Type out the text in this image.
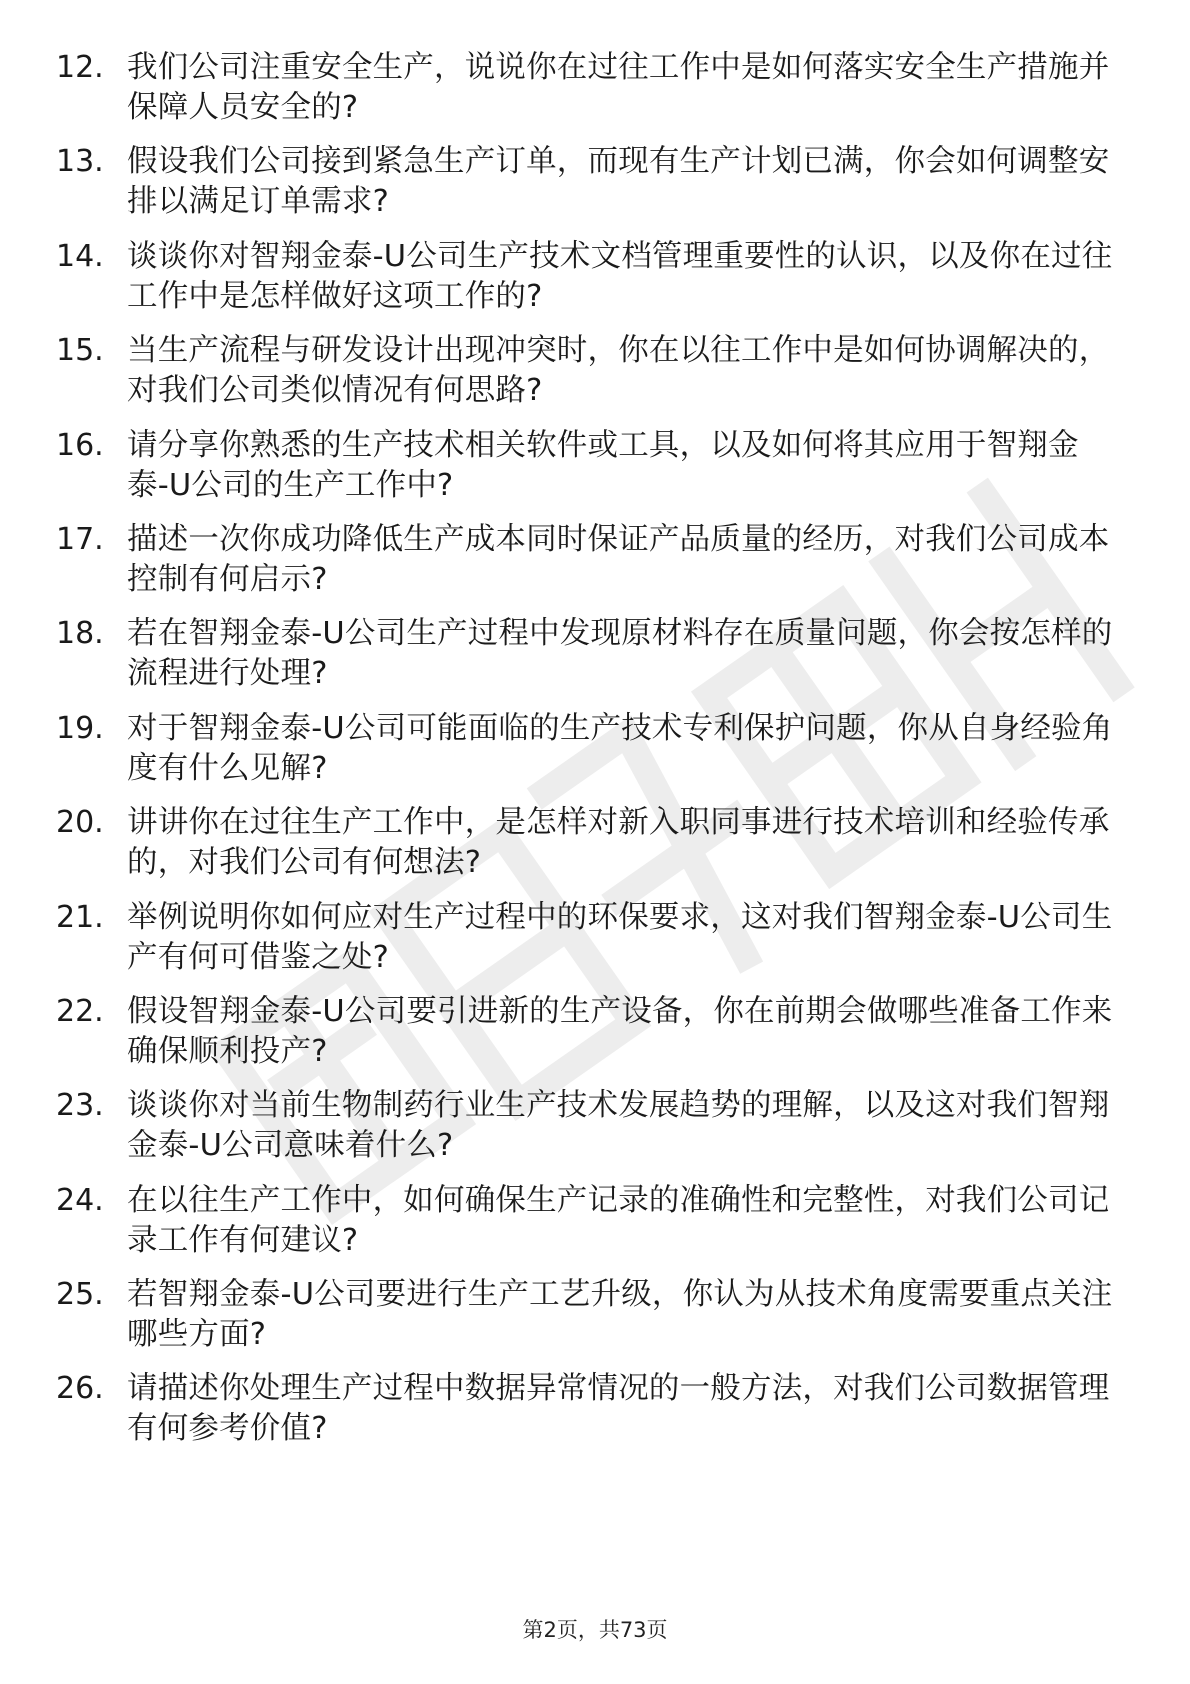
12. 我们公司注重安全生产，说说你在过往工作中是如何落实安全生产措施并保障人员安全的?
13. 假设我们公司接到紧急生产订单，而现有生产计划已满，你会如何调整安排以满足订单需求?
14. 谈谈你对智翔金泰-U公司生产技术文档管理重要性的认识，以及你在过往工作中是怎样做好这项工作的?
15. 当生产流程与研发设计出现冲突时，你在以往工作中是如何协调解决的，对我们公司类似情况有何思路?
16. 请分享你熟悉的生产技术相关软件或工具，以及如何将其应用于智翔金泰-U公司的生产工作中?
17. 描述一次你成功降低生产成本同时保证产品质量的经历，对我们公司成本控制有何启示?
18. 若在智翔金泰-U公司生产过程中发现原材料存在质量问题，你会按怎样的流程进行处理?
19. 对于智翔金泰-U公司可能面临的生产技术专利保护问题，你从自身经验角度有什么见解?
20. 讲讲你在过往生产工作中，是怎样对新入职同事进行技术培训和经验传承的，对我们公司有何想法?
21. 举例说明你如何应对生产过程中的环保要求，这对我们智翔金泰-U公司生产有何可借鉴之处?
22. 假设智翔金泰-U公司要引进新的生产设备，你在前期会做哪些准备工作来确保顺利投产?
23. 谈谈你对当前生物制药行业生产技术发展趋势的理解，以及这对我们智翔金泰-U公司意味着什么?
24. 在以往生产工作中，如何确保生产记录的准确性和完整性，对我们公司记录工作有何建议?
25. 若智翔金泰-U公司要进行生产工艺升级，你认为从技术角度需要重点关注哪些方面?
26. 请描述你处理生产过程中数据异常情况的一般方法，对我们公司数据管理有何参考价值?
第2页，共73页
